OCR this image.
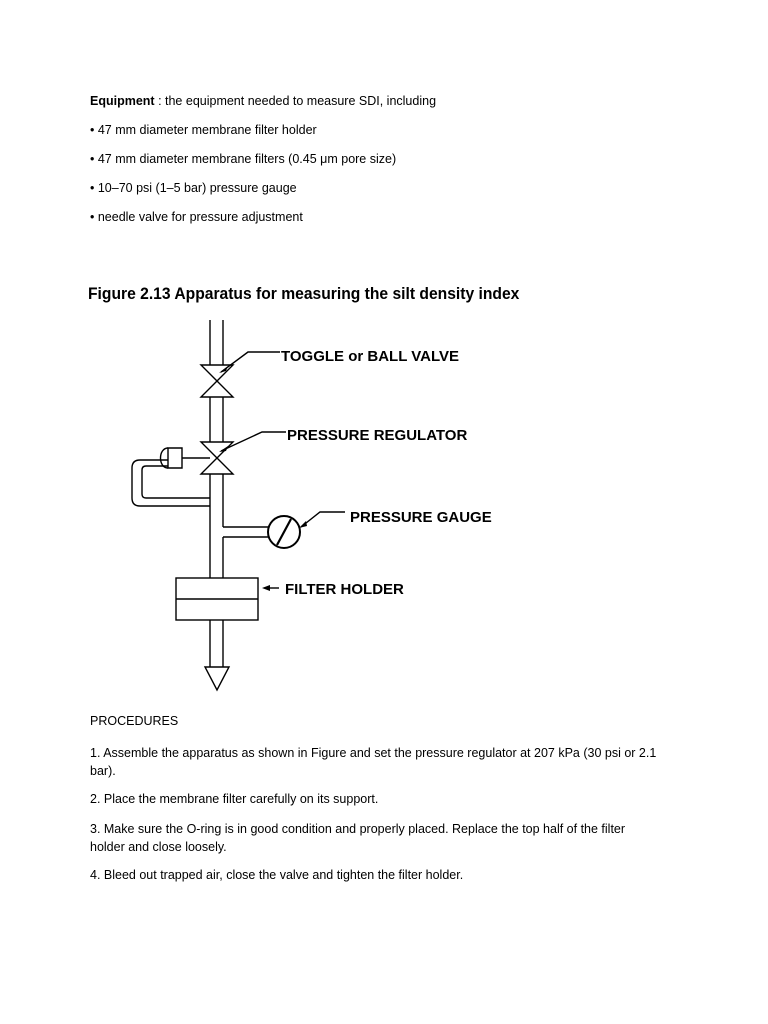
Equipment : the equipment needed to measure SDI, including
• 47 mm diameter membrane filter holder
• 47 mm diameter membrane filters (0.45 μm pore size)
• 10–70 psi (1–5 bar) pressure gauge
• needle valve for pressure adjustment
Figure 2.13 Apparatus for measuring the silt density index
TOGGLE or BALL VALVE
PRESSURE REGULATOR
PRESSURE GAUGE
FILTER HOLDER
PROCEDURES
1. Assemble the apparatus as shown in Figure and set the pressure regulator at 207 kPa (30 psi or 2.1 bar).
2. Place the membrane filter carefully on its support.
3. Make sure the O-ring is in good condition and properly placed. Replace the top half of the filter holder and close loosely.
4. Bleed out trapped air, close the valve and tighten the filter holder.
